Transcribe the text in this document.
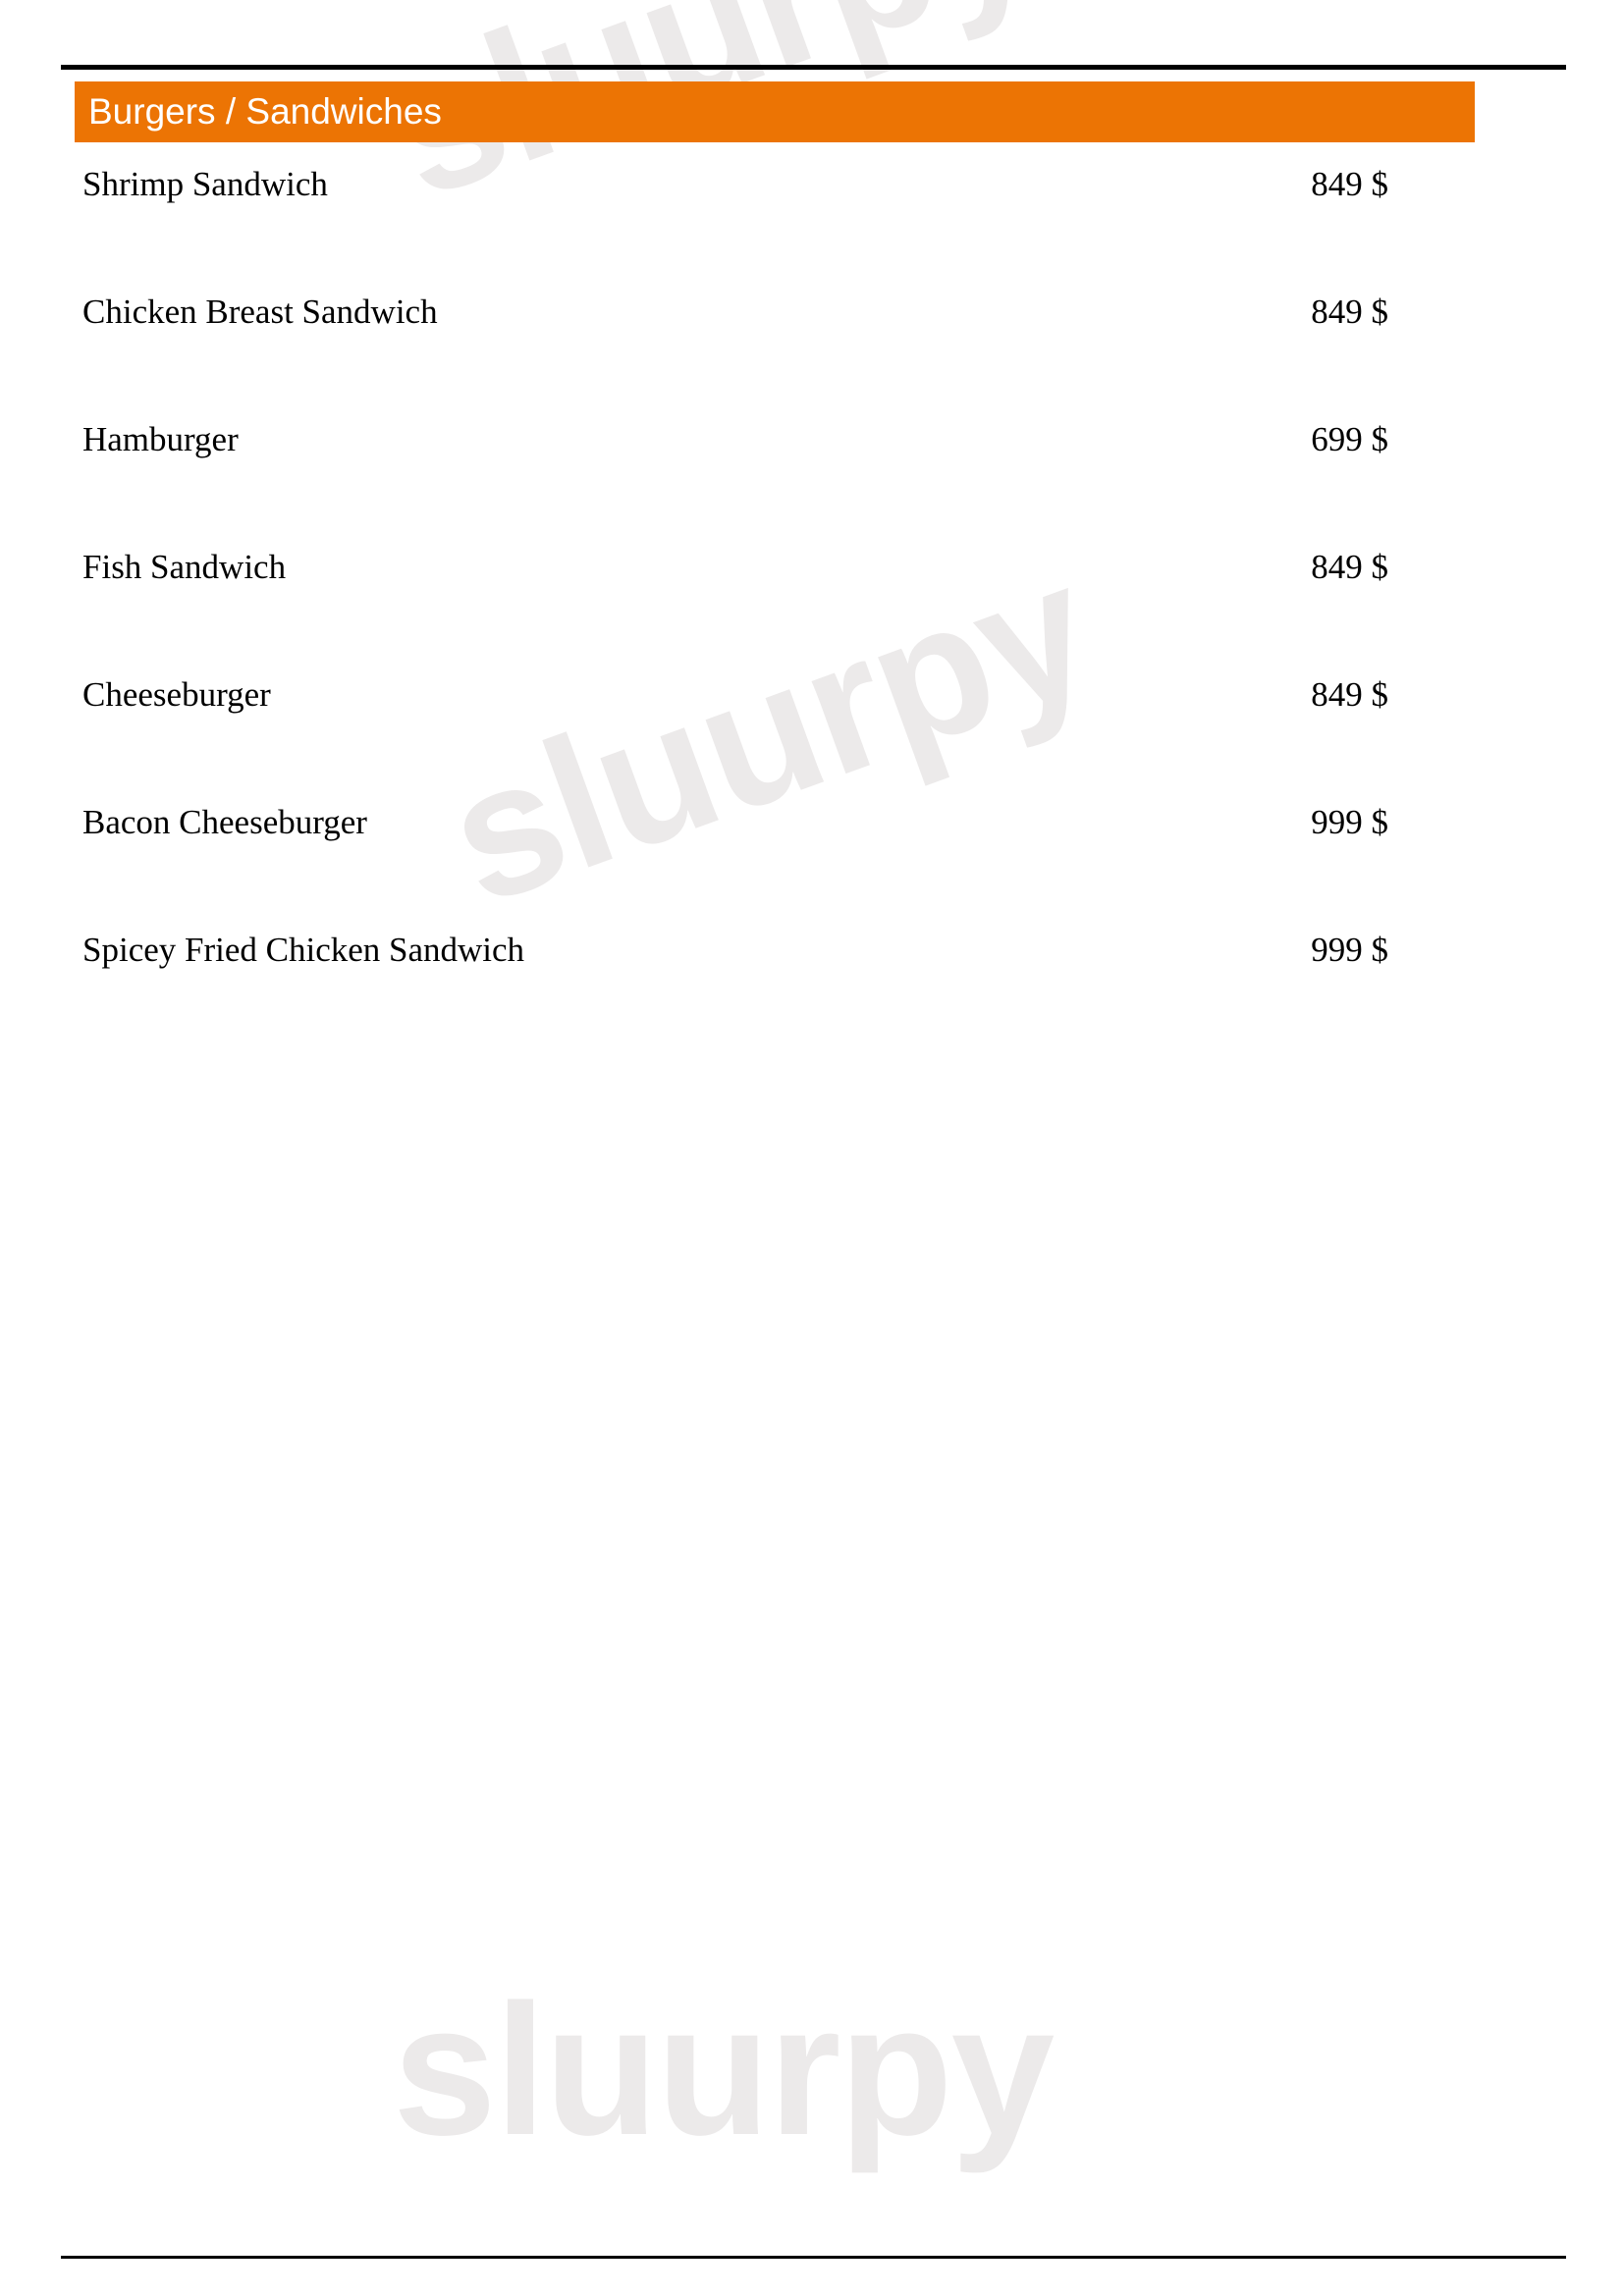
sluurpy
sluurpy
Burgers / Sandwiches
Shrimp Sandwich	849 $
Chicken Breast Sandwich	849 $
Hamburger	699 $
Fish Sandwich	849 $
Cheeseburger	849 $
Bacon Cheeseburger	999 $
Spicey Fried Chicken Sandwich	999 $
